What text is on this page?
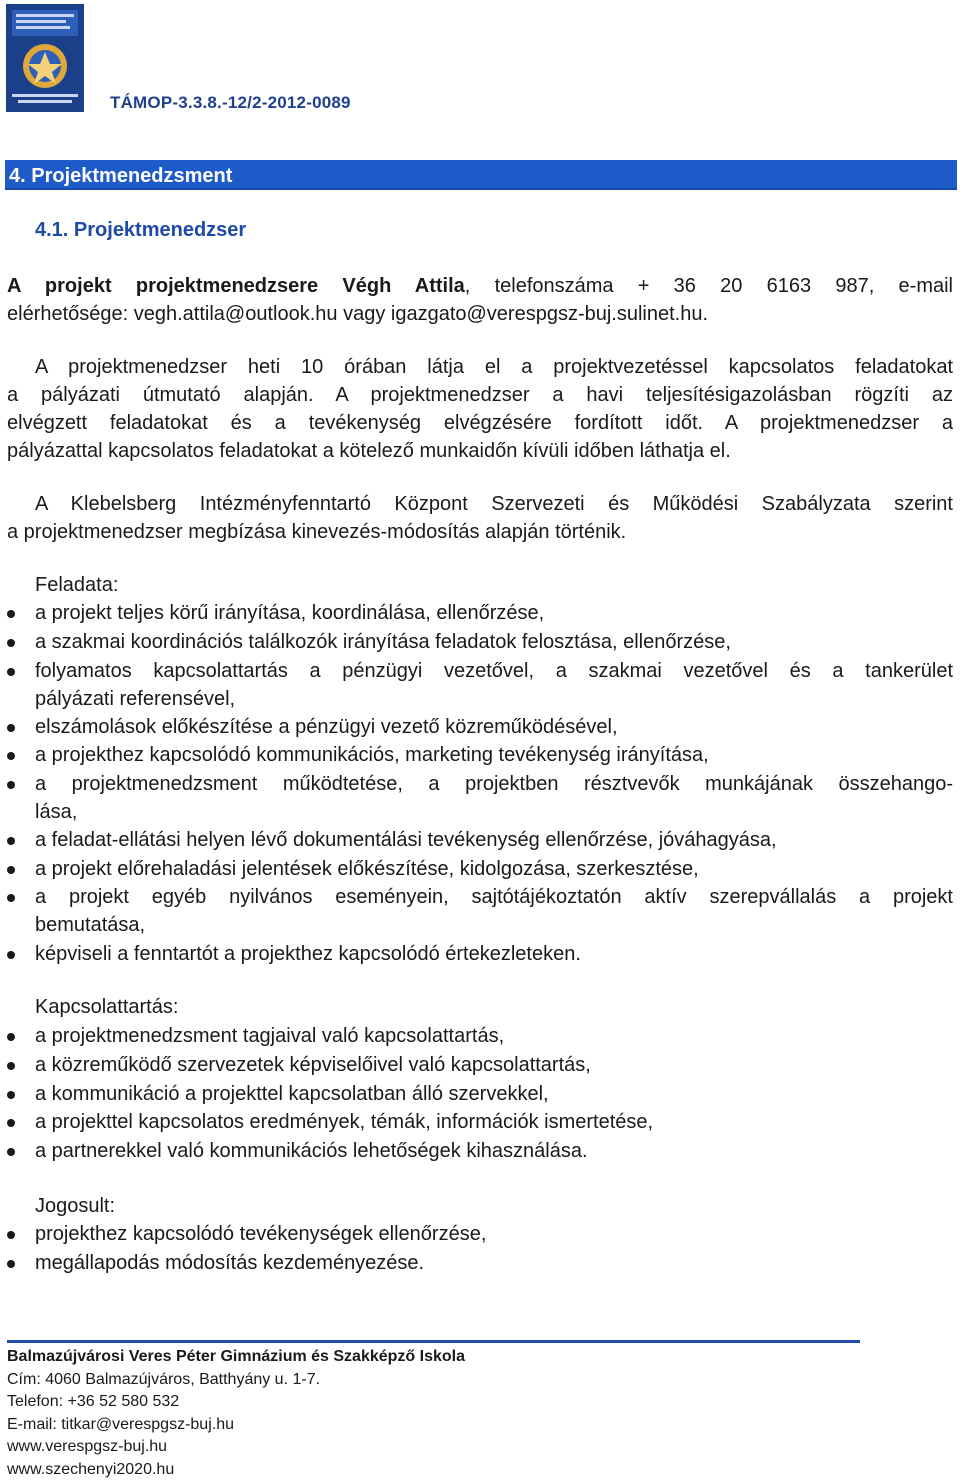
TÁMOP-3.3.8.-12/2-2012-0089
4. Projektmenedzsment
4.1. Projektmenedzser
A projekt projektmenedzsere Végh Attila, telefonszáma + 36 20 6163 987, e-mail
elérhetősége: vegh.attila@outlook.hu vagy igazgato@verespgsz-buj.sulinet.hu.
A projektmenedzser heti 10 órában látja el a projektvezetéssel kapcsolatos feladatokat
a pályázati útmutató alapján. A projektmenedzser a havi teljesítésigazolásban rögzíti az
elvégzett feladatokat és a tevékenység elvégzésére fordított időt. A projektmenedzser a
pályázattal kapcsolatos feladatokat a kötelező munkaidőn kívüli időben láthatja el.
A Klebelsberg Intézményfenntartó Központ Szervezeti és Működési Szabályzata szerint
a projektmenedzser megbízása kinevezés-módosítás alapján történik.
Feladata:
a projekt teljes körű irányítása, koordinálása, ellenőrzése,
a szakmai koordinációs találkozók irányítása feladatok felosztása, ellenőrzése,
folyamatos kapcsolattartás a pénzügyi vezetővel, a szakmai vezetővel és a tankerület
pályázati referensével,
elszámolások előkészítése a pénzügyi vezető közreműködésével,
a projekthez kapcsolódó kommunikációs, marketing tevékenység irányítása,
a projektmenedzsment működtetése, a projektben résztvevők munkájának összehango-
lása,
a feladat-ellátási helyen lévő dokumentálási tevékenység ellenőrzése, jóváhagyása,
a projekt előrehaladási jelentések előkészítése, kidolgozása, szerkesztése,
a projekt egyéb nyilvános eseményein, sajtótájékoztatón aktív szerepvállalás a projekt
bemutatása,
képviseli a fenntartót a projekthez kapcsolódó értekezleteken.
Kapcsolattartás:
a projektmenedzsment tagjaival való kapcsolattartás,
a közreműködő szervezetek képviselőivel való kapcsolattartás,
a kommunikáció a projekttel kapcsolatban álló szervekkel,
a projekttel kapcsolatos eredmények, témák, információk ismertetése,
a partnerekkel való kommunikációs lehetőségek kihasználása.
Jogosult:
projekthez kapcsolódó tevékenységek ellenőrzése,
megállapodás módosítás kezdeményezése.
Balmazújvárosi Veres Péter Gimnázium és Szakképző Iskola
Cím: 4060 Balmazújváros, Batthyány u. 1-7.
Telefon: +36 52 580 532
E-mail: titkar@verespgsz-buj.hu
www.verespgsz-buj.hu
www.szechenyi2020.hu
